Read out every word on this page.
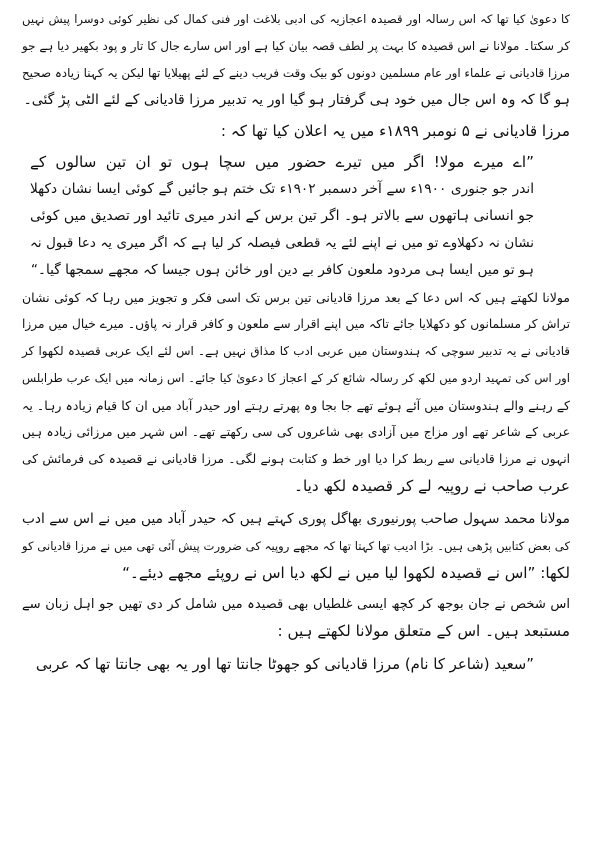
کا دعویٰ کیا تھا کہ اس رسالہ اور قصیدہ اعجازیہ کی ادبی بلاغت اور فنی کمال کی نظیر کوئی دوسرا پیش نہیں
کر سکتا۔ مولانا نے اس قصیدہ کا بہت پر لطف قصہ بیان کیا ہے اور اس سارے جال کا تار و پود بکھیر دیا ہے جو
مرزا قادیانی نے علماء اور عام مسلمین دونوں کو بیک وقت فریب دینے کے لئے پھیلایا تھا لیکن یہ کہنا زیادہ صحیح
ہو گا کہ وہ اس جال میں خود ہی گرفتار ہو گیا اور یہ تدبیر مرزا قادیانی کے لئے الٹی پڑ گئی۔

مرزا قادیانی نے ۵ نومبر ۱۸۹۹ء میں یہ اعلان کیا تھا کہ :

”اے میرے مولا! اگر میں تیرے حضور میں سچا ہوں تو ان تین سالوں کے
اندر جو جنوری ۱۹۰۰ء سے آخر دسمبر ۱۹۰۲ء تک ختم ہو جائیں گے کوئی ایسا نشان دکھلا
جو انسانی ہاتھوں سے بالاتر ہو۔ اگر تین برس کے اندر میری تائید اور تصدیق میں کوئی
نشان نہ دکھلاوے تو میں نے اپنے لئے یہ قطعی فیصلہ کر لیا ہے کہ اگر میری یہ دعا قبول نہ
ہو تو میں ایسا ہی مردود ملعون کافر بے دین اور خائن ہوں جیسا کہ مجھے سمجھا گیا۔“

مولانا لکھتے ہیں کہ اس دعا کے بعد مرزا قادیانی تین برس تک اسی فکر و تجویز میں رہا کہ کوئی نشان
تراش کر مسلمانوں کو دکھلایا جائے تاکہ میں اپنے اقرار سے ملعون و کافر قرار نہ پاؤں۔ میرے خیال میں مرزا
قادیانی نے یہ تدبیر سوچی کہ ہندوستان میں عربی ادب کا مذاق نہیں ہے۔ اس لئے ایک عربی قصیدہ لکھوا کر
اور اس کی تمہید اردو میں لکھ کر رسالہ شائع کر کے اعجاز کا دعویٰ کیا جائے۔ اس زمانہ میں ایک عرب طرابلس
کے رہنے والے ہندوستان میں آئے ہوئے تھے جا بجا وہ پھرتے رہتے اور حیدر آباد میں ان کا قیام زیادہ رہا۔ یہ
عربی کے شاعر تھے اور مزاج میں آزادی بھی شاعروں کی سی رکھتے تھے۔ اس شہر میں مرزائی زیادہ ہیں
انہوں نے مرزا قادیانی سے ربط کرا دیا اور خط و کتابت ہونے لگی۔ مرزا قادیانی نے قصیدہ کی فرمائش کی
عرب صاحب نے روپیہ لے کر قصیدہ لکھ دیا۔

مولانا محمد سہول صاحب پورنیوری بھاگل پوری کہتے ہیں کہ حیدر آباد میں میں نے اس سے ادب
کی بعض کتابیں پڑھی ہیں۔ بڑا ادیب تھا کہتا تھا کہ مجھے روپیہ کی ضرورت پیش آئی تھی میں نے مرزا قادیانی کو
لکھا: ”اس نے قصیدہ لکھوا لیا میں نے لکھ دیا اس نے روپئے مجھے دیئے۔“

اس شخص نے جان بوجھ کر کچھ ایسی غلطیاں بھی قصیدہ میں شامل کر دی تھیں جو اہل زبان سے
مستبعد ہیں۔ اس کے متعلق مولانا لکھتے ہیں :

”سعید (شاعر کا نام) مرزا قادیانی کو جھوٹا جانتا تھا اور یہ بھی جانتا تھا کہ عربی
